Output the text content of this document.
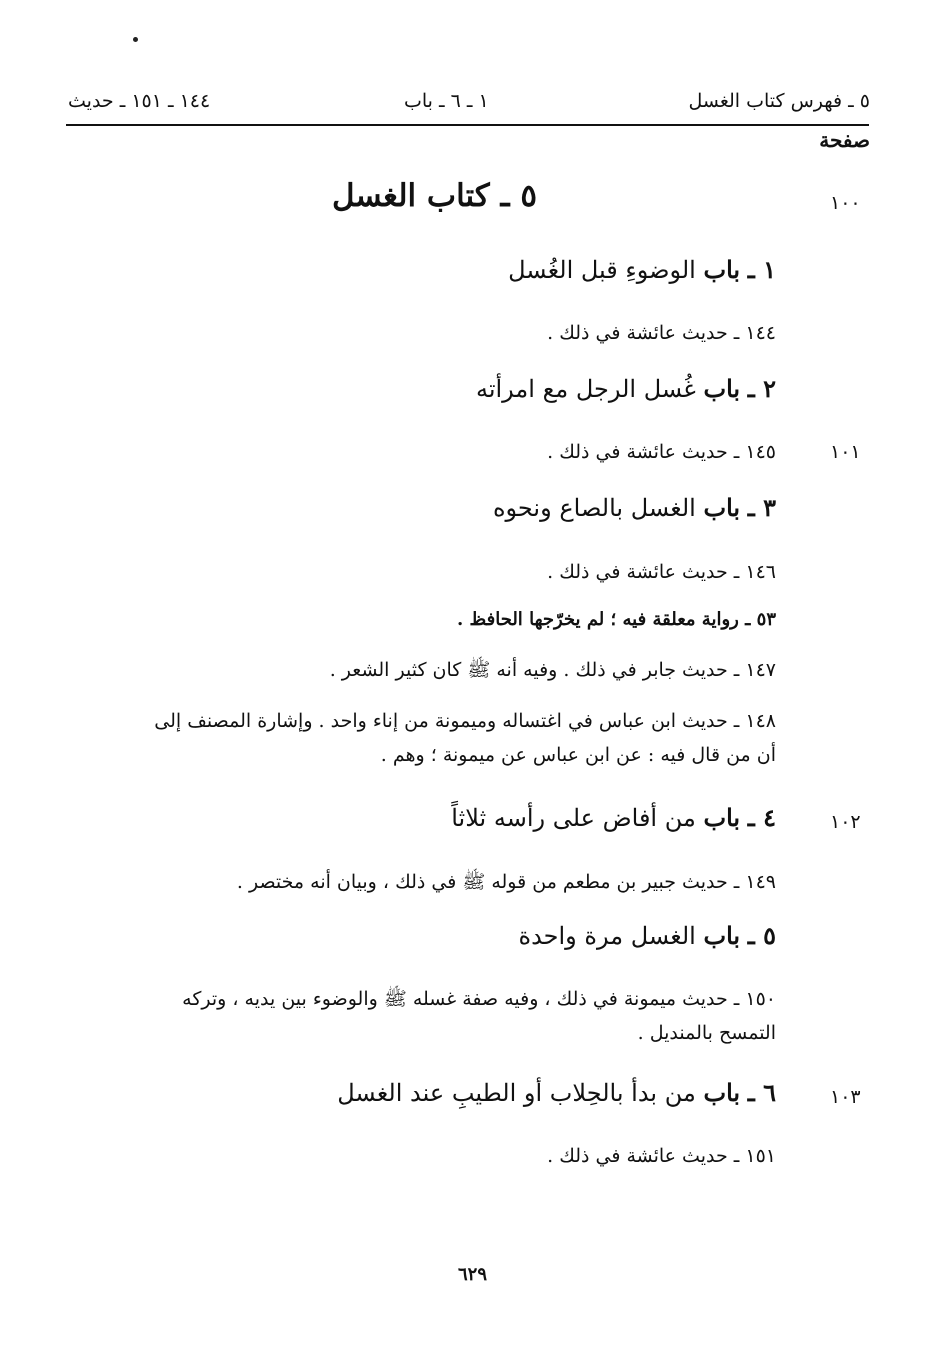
٥ ـ فهرس كتاب الغسل
١ ـ ٦ ـ باب
١٤٤ ـ ١٥١ ـ حديث
صفحة
١٠٠
٥ ـ كتاب الغسل
١ ـ باب الوضوءِ قبل الغُسل
١٤٤ ـ حديث عائشة في ذلك .
٢ ـ باب غُسل الرجل مع امرأته
١٠١
١٤٥ ـ حديث عائشة في ذلك .
٣ ـ باب الغسل بالصاع ونحوه
١٤٦ ـ حديث عائشة في ذلك .
٥٣ ـ رواية معلقة فيه ؛ لم يخرّجها الحافظ .
١٤٧ ـ حديث جابر في ذلك . وفيه أنه ﷺ كان كثير الشعر .
١٤٨ ـ حديث ابن عباس في اغتساله وميمونة من إناء واحد . وإشارة المصنف إلى
أن من قال فيه : عن ابن عباس عن ميمونة ؛ وهم .
١٠٢
٤ ـ باب من أفاض على رأسه ثلاثاً
١٤٩ ـ حديث جبير بن مطعم من قوله ﷺ في ذلك ، وبيان أنه مختصر .
٥ ـ باب الغسل مرة واحدة
١٥٠ ـ حديث ميمونة في ذلك ، وفيه صفة غسله ﷺ والوضوء بين يديه ، وتركه
التمسح بالمنديل .
١٠٣
٦ ـ باب من بدأ بالحِلاب أو الطيبِ عند الغسل
١٥١ ـ حديث عائشة في ذلك .
٦٢٩
